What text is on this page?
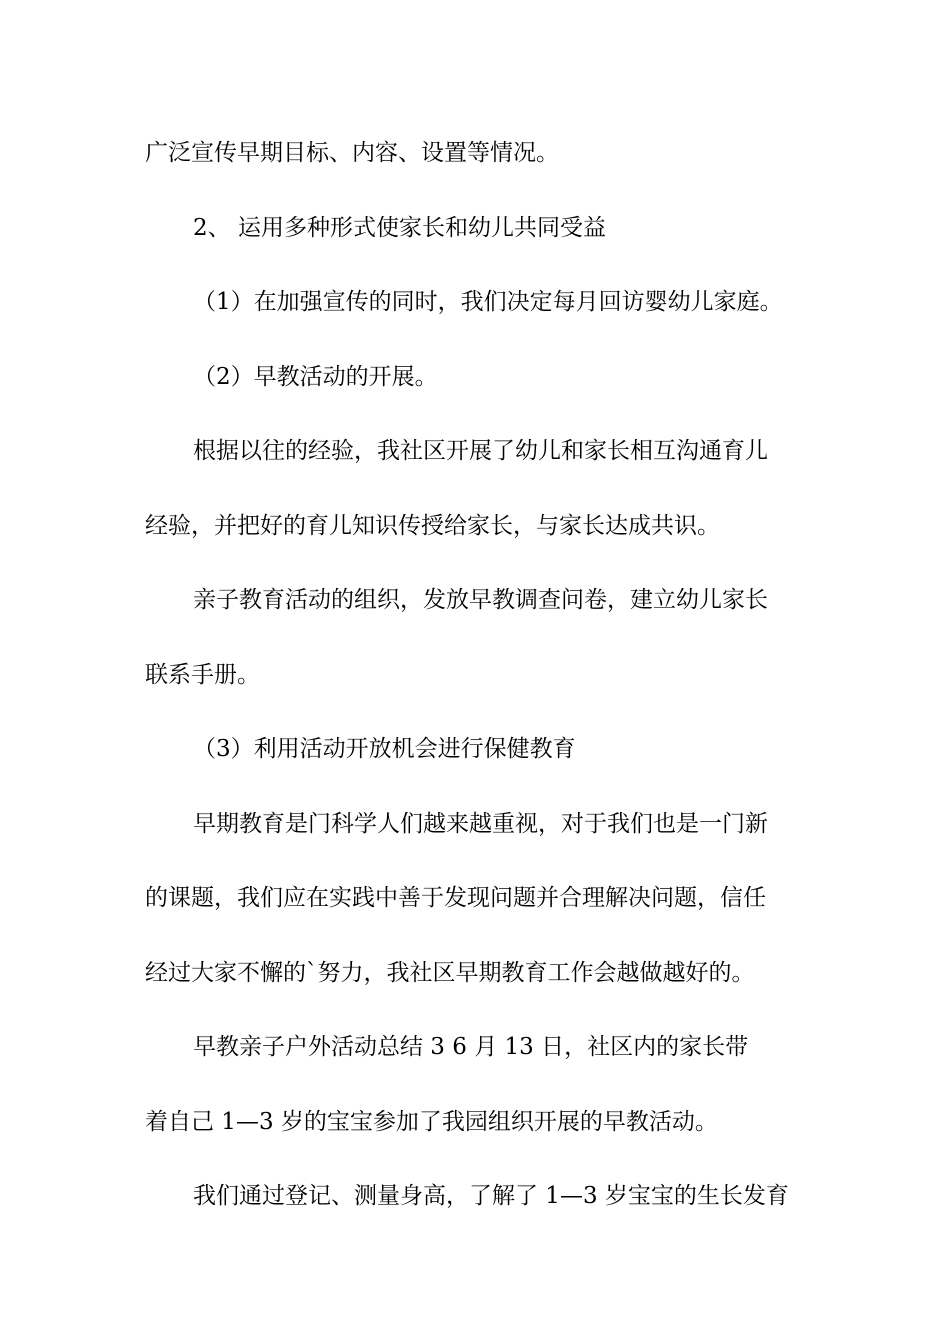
广泛宣传早期目标、内容、设置等情况。
2、 运用多种形式使家长和幼儿共同受益
（1）在加强宣传的同时，我们决定每月回访婴幼儿家庭。
（2）早教活动的开展。
根据以往的经验，我社区开展了幼儿和家长相互沟通育儿
经验，并把好的育儿知识传授给家长，与家长达成共识。
亲子教育活动的组织，发放早教调查问卷，建立幼儿家长
联系手册。
（3）利用活动开放机会进行保健教育
早期教育是门科学人们越来越重视，对于我们也是一门新
的课题，我们应在实践中善于发现问题并合理解决问题，信任
经过大家不懈的`努力，我社区早期教育工作会越做越好的。
早教亲子户外活动总结 3 6 月 13 日，社区内的家长带
着自己 1—3 岁的宝宝参加了我园组织开展的早教活动。
我们通过登记、测量身高，了解了 1—3 岁宝宝的生长发育
